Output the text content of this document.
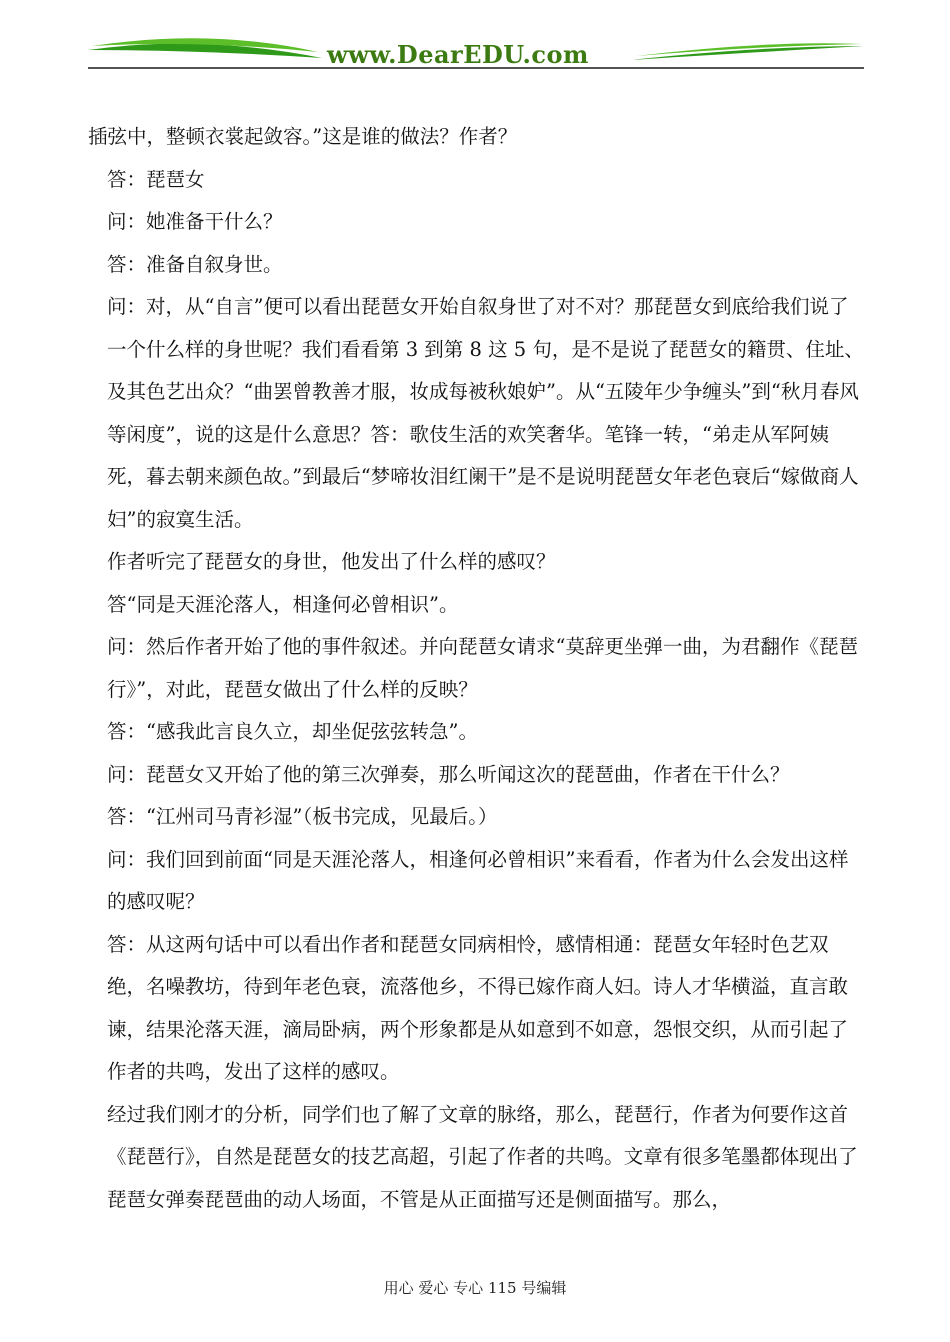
www.DearEDU.com

插弦中，整顿衣裳起敛容。”这是谁的做法？作者？

答：琵琶女

问：她准备干什么？

答：准备自叙身世。

问：对，从“自言”便可以看出琵琶女开始自叙身世了对不对？那琵琶女到底给我们说了一个什么样的身世呢？我们看看第 3 到第 8 这 5 句，是不是说了琵琶女的籍贯、住址、及其色艺出众？“曲罢曾教善才服，妆成每被秋娘妒”。从“五陵年少争缠头”到“秋月春风等闲度”，说的这是什么意思？答：歌伎生活的欢笑奢华。笔锋一转，“弟走从军阿姨死，暮去朝来颜色故。”到最后“梦啼妆泪红阑干”是不是说明琵琶女年老色衰后“嫁做商人妇”的寂寞生活。

作者听完了琵琶女的身世，他发出了什么样的感叹？

答“同是天涯沦落人，相逢何必曾相识”。

问：然后作者开始了他的事件叙述。并向琵琶女请求“莫辞更坐弹一曲，为君翻作《琵琶行》”，对此，琵琶女做出了什么样的反映？

答：“感我此言良久立，却坐促弦弦转急”。

问：琵琶女又开始了他的第三次弹奏，那么听闻这次的琵琶曲，作者在干什么？

答：“江州司马青衫湿”（板书完成，见最后。）

问：我们回到前面“同是天涯沦落人，相逢何必曾相识”来看看，作者为什么会发出这样的感叹呢？

答：从这两句话中可以看出作者和琵琶女同病相怜，感情相通：琵琶女年轻时色艺双绝，名噪教坊，待到年老色衰，流落他乡，不得已嫁作商人妇。诗人才华横溢，直言敢谏，结果沦落天涯，滴局卧病，两个形象都是从如意到不如意，怨恨交织，从而引起了作者的共鸣，发出了这样的感叹。

经过我们刚才的分析，同学们也了解了文章的脉络，那么，琵琶行，作者为何要作这首《琵琶行》，自然是琵琶女的技艺高超，引起了作者的共鸣。文章有很多笔墨都体现出了琵琶女弹奏琵琶曲的动人场面，不管是从正面描写还是侧面描写。那么，

用心 爱心 专心 115 号编辑
